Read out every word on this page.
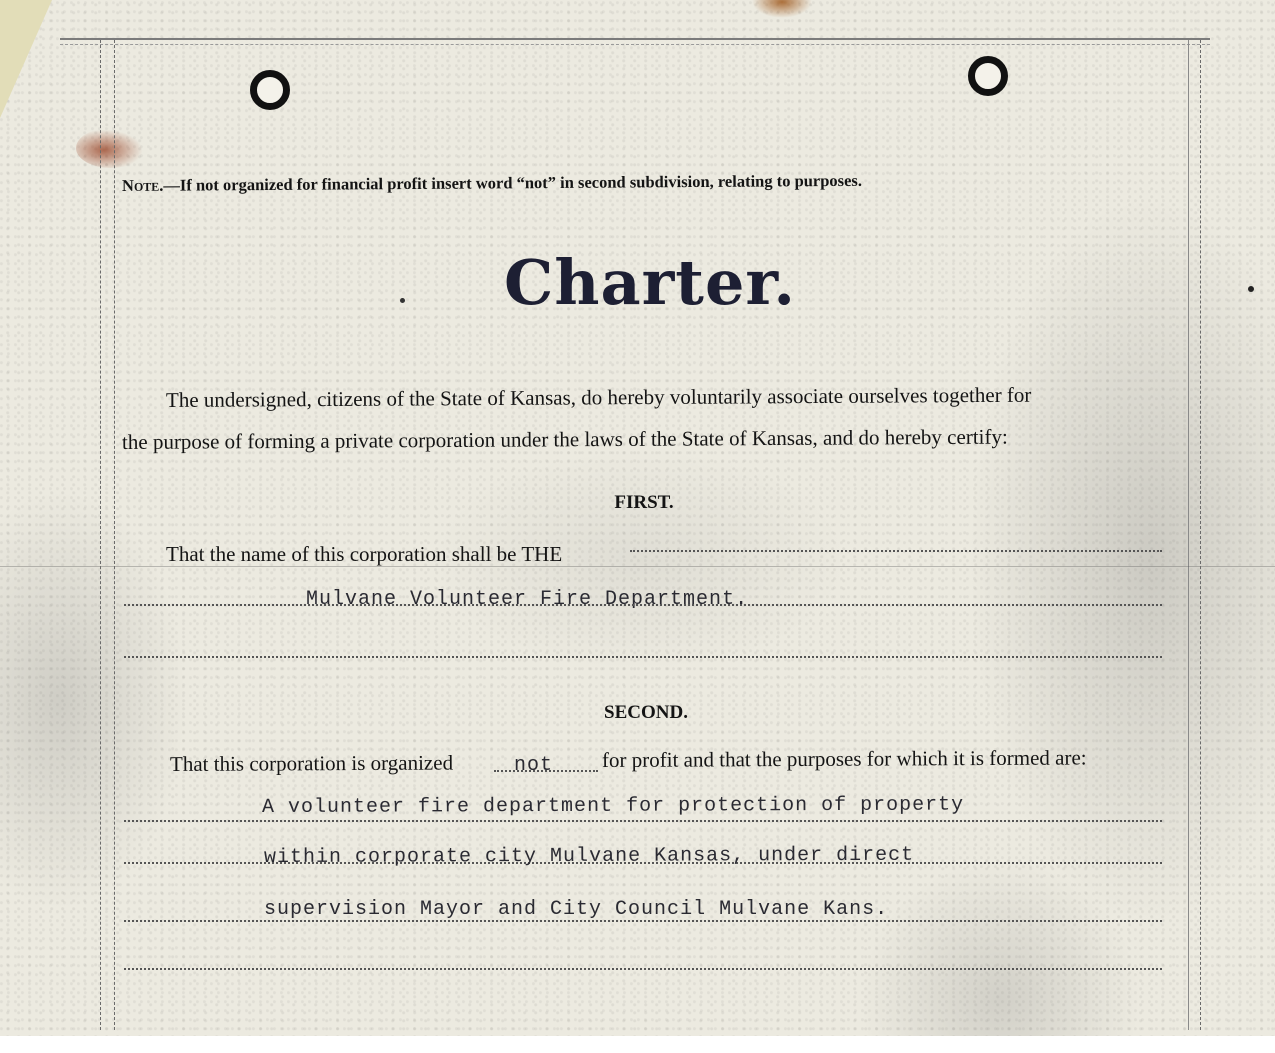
Note.—If not organized for financial profit insert word “not” in second subdivision, relating to purposes.
Charter.
The undersigned, citizens of the State of Kansas, do hereby voluntarily associate ourselves together for
the purpose of forming a private corporation under the laws of the State of Kansas, and do hereby certify:
FIRST.
That the name of this corporation shall be THE
Mulvane Volunteer Fire Department.
SECOND.
That this corporation is organized	not for profit and that the purposes for which it is formed are:
A volunteer fire department for protection of property
within corporate city Mulvane Kansas, under direct
supervision Mayor and City Council Mulvane Kans.
